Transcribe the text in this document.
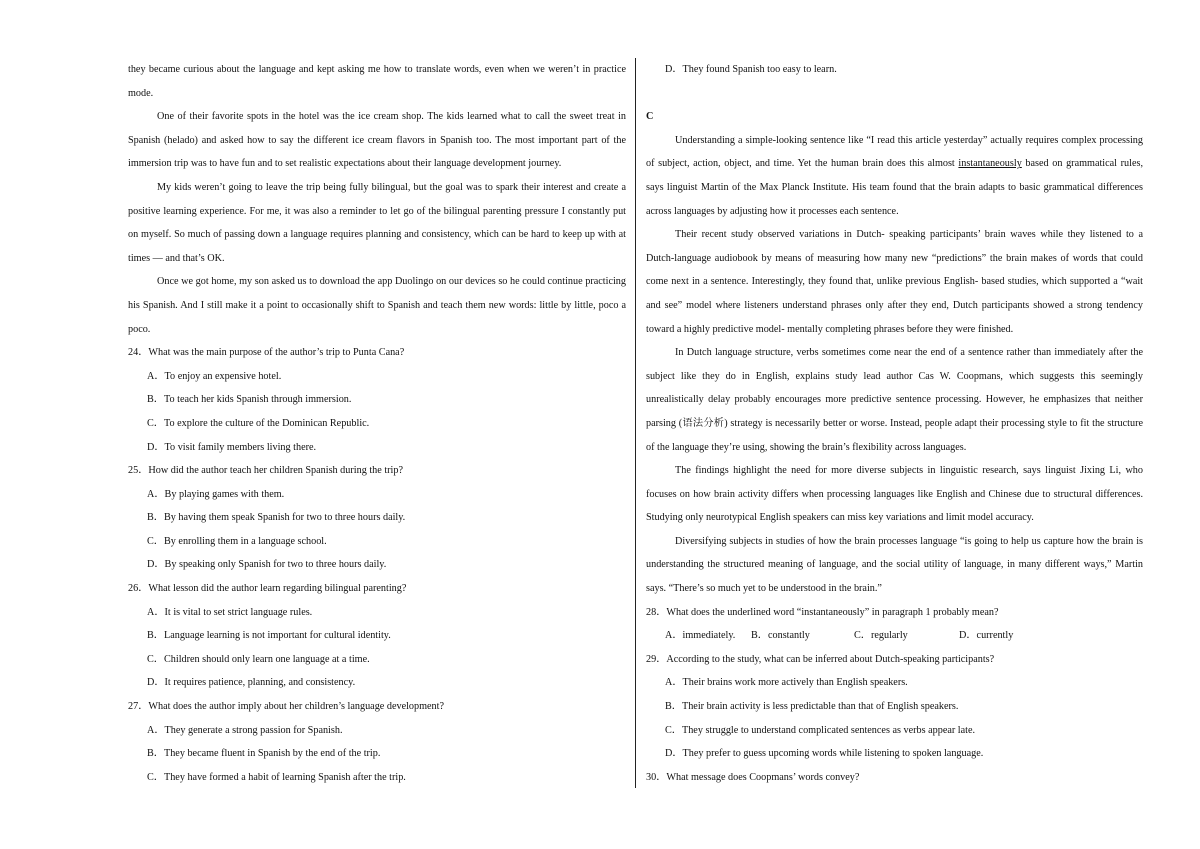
they became curious about the language and kept asking me how to translate words, even when we weren’t in practice mode.

One of their favorite spots in the hotel was the ice cream shop. The kids learned what to call the sweet treat in Spanish (helado) and asked how to say the different ice cream flavors in Spanish too. The most important part of the immersion trip was to have fun and to set realistic expectations about their language development journey.

My kids weren’t going to leave the trip being fully bilingual, but the goal was to spark their interest and create a positive learning experience. For me, it was also a reminder to let go of the bilingual parenting pressure I constantly put on myself. So much of passing down a language requires planning and consistency, which can be hard to keep up with at times — and that’s OK.

Once we got home, my son asked us to download the app Duolingo on our devices so he could continue practicing his Spanish. And I still make it a point to occasionally shift to Spanish and teach them new words: little by little, poco a poco.

24．What was the main purpose of the author’s trip to Punta Cana?

A．To enjoy an expensive hotel.

B．To teach her kids Spanish through immersion.

C．To explore the culture of the Dominican Republic.

D．To visit family members living there.

25．How did the author teach her children Spanish during the trip?

A．By playing games with them.

B．By having them speak Spanish for two to three hours daily.

C．By enrolling them in a language school.

D．By speaking only Spanish for two to three hours daily.

26．What lesson did the author learn regarding bilingual parenting?

A．It is vital to set strict language rules.

B．Language learning is not important for cultural identity.

C．Children should only learn one language at a time.

D．It requires patience, planning, and consistency.

27．What does the author imply about her children’s language development?

A．They generate a strong passion for Spanish.

B．They became fluent in Spanish by the end of the trip.

C．They have formed a habit of learning Spanish after the trip.

D．They found Spanish too easy to learn.

C

Understanding a simple-looking sentence like “I read this article yesterday” actually requires complex processing of subject, action, object, and time. Yet the human brain does this almost instantaneously based on grammatical rules, says linguist Martin of the Max Planck Institute. His team found that the brain adapts to basic grammatical differences across languages by adjusting how it processes each sentence.

Their recent study observed variations in Dutch- speaking participants’ brain waves while they listened to a Dutch-language audiobook by means of measuring how many new “predictions” the brain makes of words that could come next in a sentence. Interestingly, they found that, unlike previous English- based studies, which supported a “wait and see” model where listeners understand phrases only after they end, Dutch participants showed a strong tendency toward a highly predictive model- mentally completing phrases before they were finished.

In Dutch language structure, verbs sometimes come near the end of a sentence rather than immediately after the subject like they do in English, explains study lead author Cas W. Coopmans, which suggests this seemingly unrealistically delay probably encourages more predictive sentence processing. However, he emphasizes that neither parsing (语法分析) strategy is necessarily better or worse. Instead, people adapt their processing style to fit the structure of the language they’re using, showing the brain’s flexibility across languages.

The findings highlight the need for more diverse subjects in linguistic research, says linguist Jixing Li, who focuses on how brain activity differs when processing languages like English and Chinese due to structural differences. Studying only neurotypical English speakers can miss key variations and limit model accuracy.

Diversifying subjects in studies of how the brain processes language “is going to help us capture how the brain is understanding the structured meaning of language, and the social utility of language, in many different ways,” Martin says. “There’s so much yet to be understood in the brain.”

28．What does the underlined word “instantaneously” in paragraph 1 probably mean?

A．immediately.	B．constantly	C．regularly	D．currently

29．According to the study, what can be inferred about Dutch-speaking participants?

A．Their brains work more actively than English speakers.

B．Their brain activity is less predictable than that of English speakers.

C．They struggle to understand complicated sentences as verbs appear late.

D．They prefer to guess upcoming words while listening to spoken language.

30．What message does Coopmans’ words convey?
